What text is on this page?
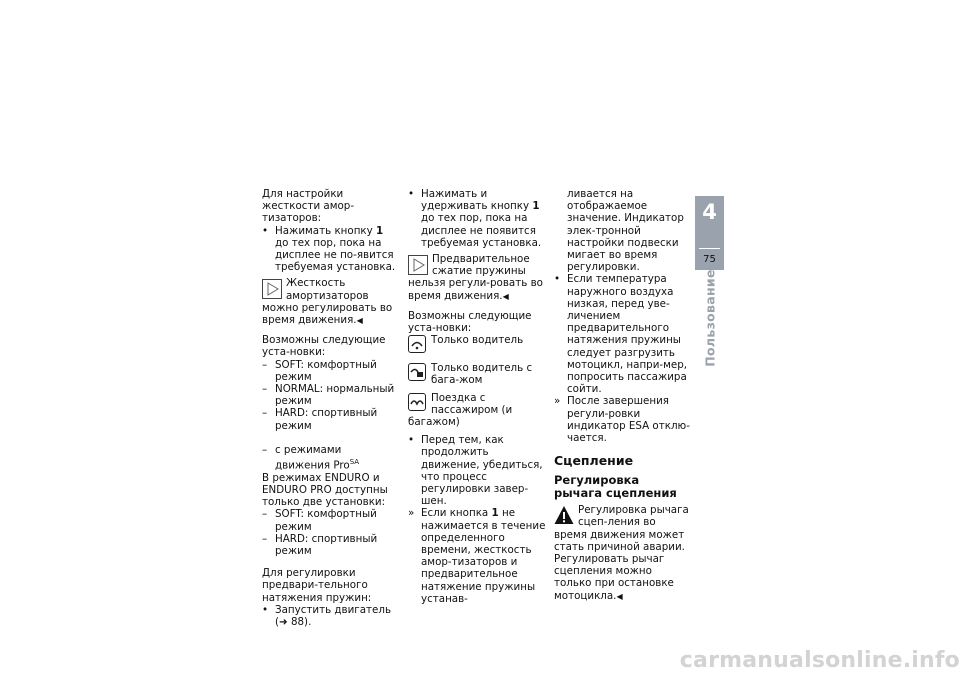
Для настройки жесткости амор-тизаторов:

• Нажимать кнопку 1 до тех пор, пока на дисплее не по-явится требуемая установка.

Жесткость амортизаторов можно регулировать во время движения.◀

Возможны следующие уста-новки:

– SOFT: комфортный режим

– NORMAL: нормальный режим

– HARD: спортивный режим

– с режимами движения Pro$^{SA}$

В режимах ENDURO и ENDURO PRO доступны только две установки:

– SOFT: комфортный режим

– HARD: спортивный режим

Для регулировки предвари-тельного натяжения пружин:

• Запустить двигатель (➜ 88).

• Нажимать и удерживать кнопку 1 до тех пор, пока на дисплее не появится требуемая установка.

Предварительное сжатие пружины нельзя регули-ровать во время движения.◀

Возможны следующие уста-новки:

Только водитель
Только водитель с бага-жом
Поездка с пассажиром (и багажом)

• Перед тем, как продолжить движение, убедиться, что процесс регулировки завер-шен.

» Если кнопка 1 не нажимается в течение определенного времени, жесткость амор-тизаторов и предварительное натяжение пружины устанав-

ливается на отображаемое значение. Индикатор элек-тронной настройки подвески мигает во время регулировки.

• Если температура наружного воздуха низкая, перед уве-личением предварительного натяжения пружины следует разгрузить мотоцикл, напри-мер, попросить пассажира сойти.

» После завершения регули-ровки индикатор ESA отклю-чается.

Сцепление
Регулировка рычага сцепления
Регулировка рычага сцеп-ления во время движения может стать причиной аварии. Регулировать рычаг сцепления можно только при остановке мотоцикла.◀
4
75
Пользование
carmanualsonline.info
